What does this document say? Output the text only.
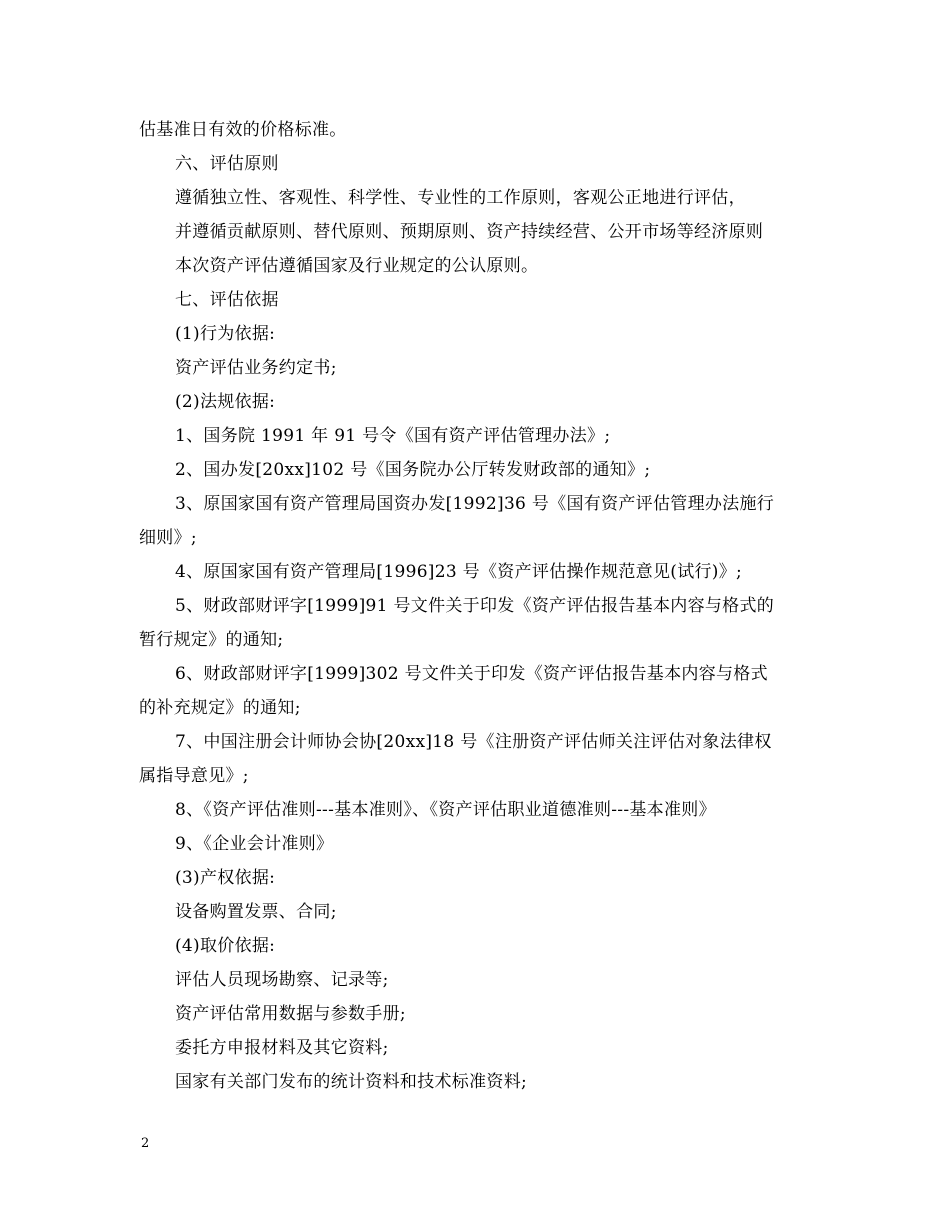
估基准日有效的价格标准。
六、评估原则
遵循独立性、客观性、科学性、专业性的工作原则，客观公正地进行评估，
并遵循贡献原则、替代原则、预期原则、资产持续经营、公开市场等经济原则
本次资产评估遵循国家及行业规定的公认原则。
七、评估依据
(1)行为依据:
资产评估业务约定书;
(2)法规依据:
1、国务院 1991 年 91 号令《国有资产评估管理办法》;
2、国办发[20xx]102 号《国务院办公厅转发财政部的通知》;
3、原国家国有资产管理局国资办发[1992]36 号《国有资产评估管理办法施行
细则》;
4、原国家国有资产管理局[1996]23 号《资产评估操作规范意见(试行)》;
5、财政部财评字[1999]91 号文件关于印发《资产评估报告基本内容与格式的
暂行规定》的通知;
6、财政部财评字[1999]302 号文件关于印发《资产评估报告基本内容与格式
的补充规定》的通知;
7、中国注册会计师协会协[20xx]18 号《注册资产评估师关注评估对象法律权
属指导意见》;
8、《资产评估准则---基本准则》、《资产评估职业道德准则---基本准则》
9、《企业会计准则》
(3)产权依据:
设备购置发票、合同;
(4)取价依据:
评估人员现场勘察、记录等;
资产评估常用数据与参数手册;
委托方申报材料及其它资料;
国家有关部门发布的统计资料和技术标准资料;
2
